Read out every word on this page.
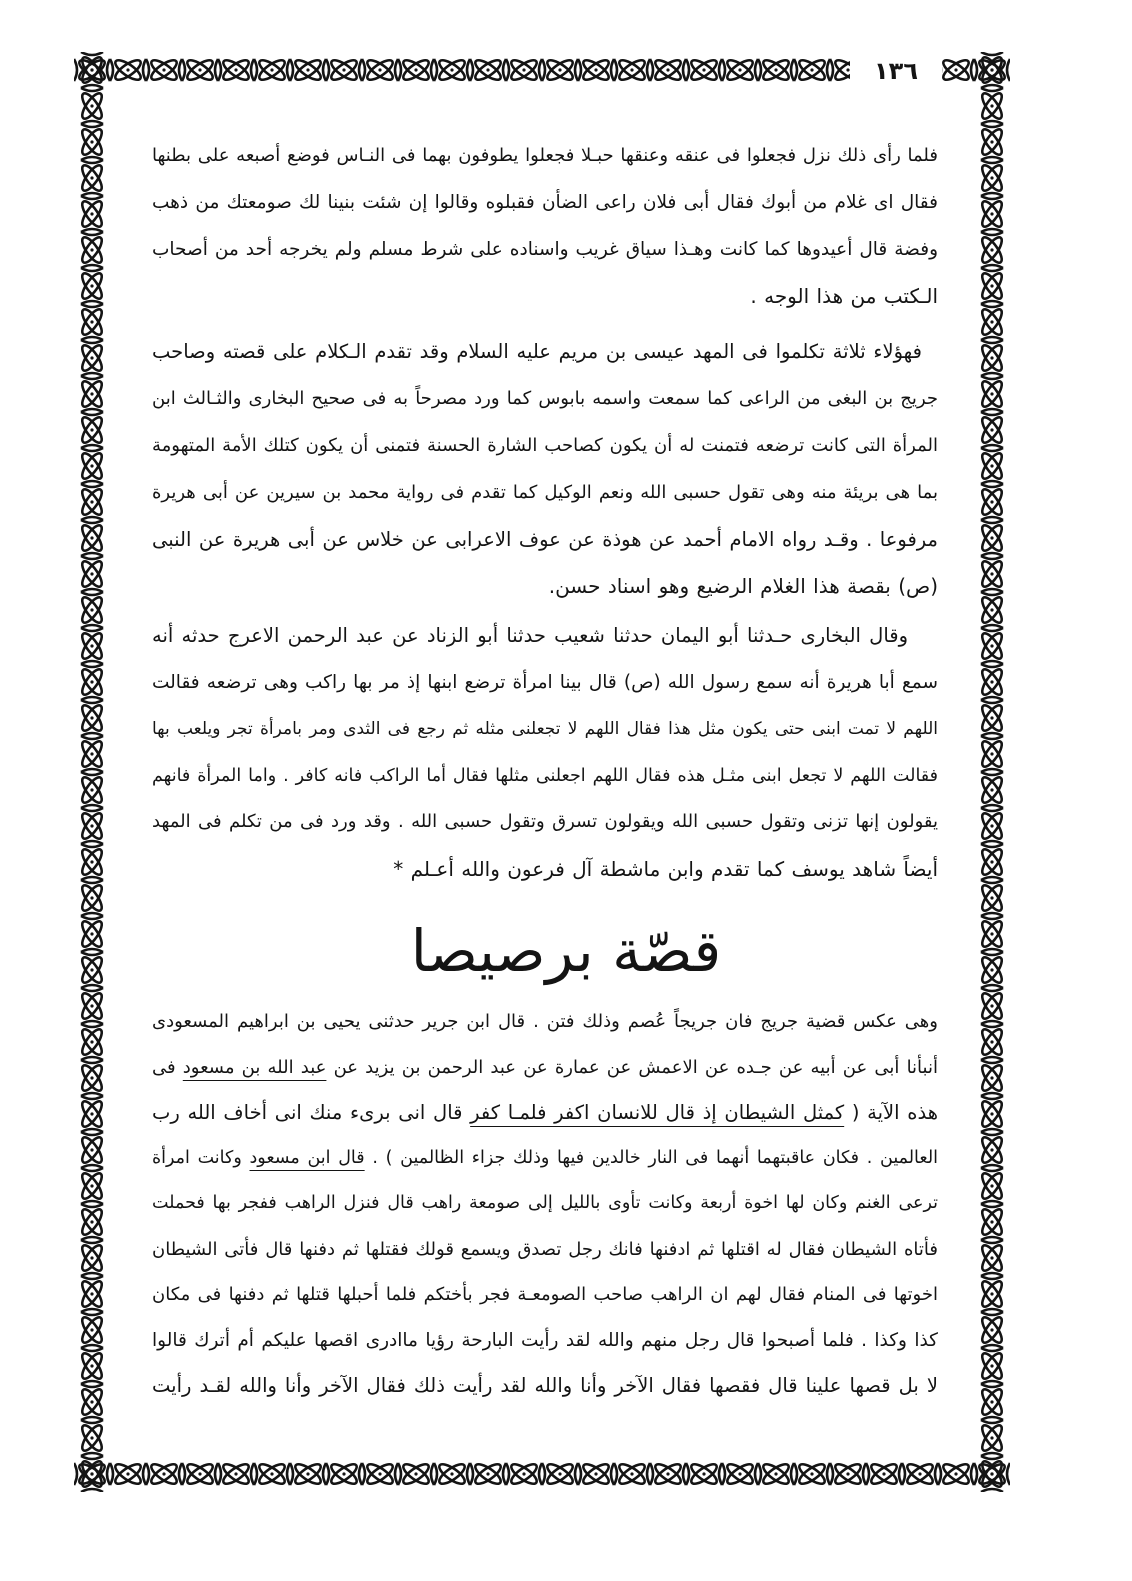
١٣٦
فلما رأى ذلك نزل فجعلوا فى عنقه وعنقها حبـلا فجعلوا يطوفون بهما فى النـاس فوضع أصبعه على بطنها
فقال اى غلام من أبوك فقال أبى فلان راعى الضأن فقبلوه وقالوا إن شئت بنينا لك صومعتك من ذهب
وفضة قال أعيدوها كما كانت وهـذا سياق غريب واسناده على شرط مسلم ولم يخرجه أحد من أصحاب
الـكتب من هذا الوجه .
فهؤلاء ثلاثة تكلموا فى المهد عيسى بن مريم عليه السلام وقد تقدم الـكلام على قصته وصاحب
جريج بن البغى من الراعى كما سمعت واسمه بابوس كما ورد مصرحاً به فى صحيح البخارى والثـالث ابن
المرأة التى كانت ترضعه فتمنت له أن يكون كصاحب الشارة الحسنة فتمنى أن يكون كتلك الأمة المتهومة
بما هى بريئة منه وهى تقول حسبى الله ونعم الوكيل كما تقدم فى رواية محمد بن سيرين عن أبى هريرة
مرفوعا . وقـد رواه الامام أحمد عن هوذة عن عوف الاعرابى عن خلاس عن أبى هريرة عن النبى
(ص) بقصة هذا الغلام الرضيع وهو اسناد حسن.
وقال البخارى حـدثنا أبو اليمان حدثنا شعيب حدثنا أبو الزناد عن عبد الرحمن الاعرج حدثه أنه
سمع أبا هريرة أنه سمع رسول الله (ص) قال بينا امرأة ترضع ابنها إذ مر بها راكب وهى ترضعه فقالت
اللهم لا تمت ابنى حتى يكون مثل هذا فقال اللهم لا تجعلنى مثله ثم رجع فى الثدى ومر بامرأة تجر ويلعب بها
فقالت اللهم لا تجعل ابنى مثـل هذه فقال اللهم اجعلنى مثلها فقال أما الراكب فانه كافر . واما المرأة فانهم
يقولون إنها تزنى وتقول حسبى الله ويقولون تسرق وتقول حسبى الله . وقد ورد فى من تكلم فى المهد
أيضاً شاهد يوسف كما تقدم وابن ماشطة آل فرعون والله أعـلم *
قصّة برصيصا
وهى عكس قضية جريج فان جريجاً عُصم وذلك فتن . قال ابن جرير حدثنى يحيى بن ابراهيم المسعودى
أنبأنا أبى عن أبيه عن جـده عن الاعمش عن عمارة عن عبد الرحمن بن يزيد عن عبد الله بن مسعود فى
هذه الآية ( كمثل الشيطان إذ قال للانسان اكفر فلمـا كفر قال انى برىء منك انى أخاف الله رب
العالمين . فكان عاقبتهما أنهما فى النار خالدين فيها وذلك جزاء الظالمين ) . قال ابن مسعود وكانت امرأة
ترعى الغنم وكان لها اخوة أربعة وكانت تأوى بالليل إلى صومعة راهب قال فنزل الراهب ففجر بها فحملت
فأتاه الشيطان فقال له اقتلها ثم ادفنها فانك رجل تصدق ويسمع قولك فقتلها ثم دفنها قال فأتى الشيطان
اخوتها فى المنام فقال لهم ان الراهب صاحب الصومعـة فجر بأختكم فلما أحبلها قتلها ثم دفنها فى مكان
كذا وكذا . فلما أصبحوا قال رجل منهم والله لقد رأيت البارحة رؤيا ماادرى اقصها عليكم أم أترك قالوا
لا بل قصها علينا قال فقصها فقال الآخر وأنا والله لقد رأيت ذلك فقال الآخر وأنا والله لقـد رأيت
